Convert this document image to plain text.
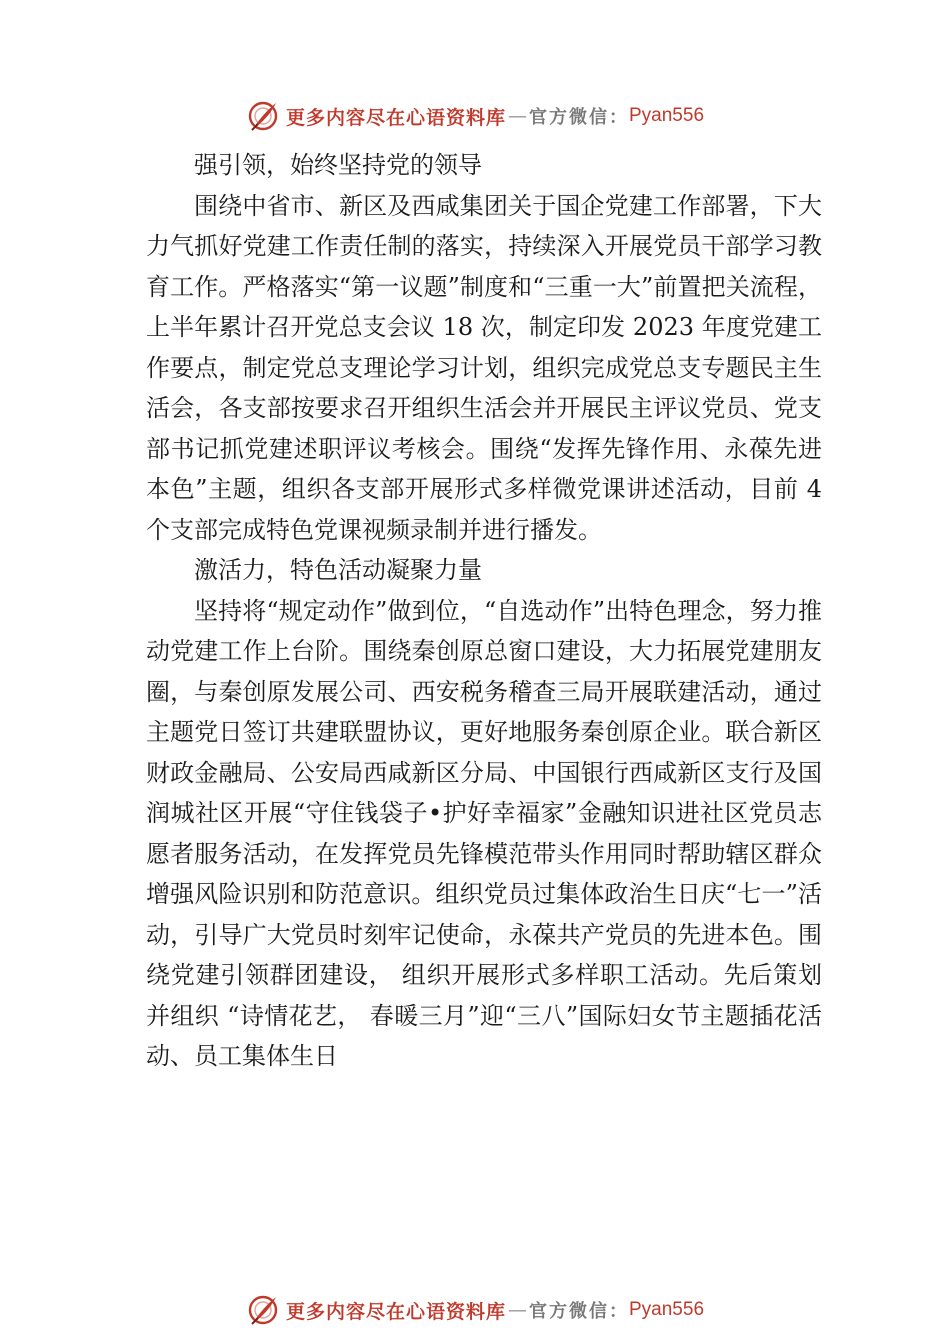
更多内容尽在心语资料库 — 官方微信： Pyan556

强引领，始终坚持党的领导

围绕中省市、新区及西咸集团关于国企党建工作部署，下大力气抓好党建工作责任制的落实，持续深入开展党员干部学习教育工作。严格落实“第一议题”制度和“三重一大”前置把关流程，上半年累计召开党总支会议 18 次，制定印发 2023 年度党建工作要点，制定党总支理论学习计划，组织完成党总支专题民主生活会，各支部按要求召开组织生活会并开展民主评议党员、党支部书记抓党建述职评议考核会。围绕“发挥先锋作用、永葆先进本色”主题，组织各支部开展形式多样微党课讲述活动，目前 4 个支部完成特色党课视频录制并进行播发。

激活力，特色活动凝聚力量

坚持将“规定动作”做到位，“自选动作”出特色理念，努力推动党建工作上台阶。围绕秦创原总窗口建设，大力拓展党建朋友圈，与秦创原发展公司、西安税务稽查三局开展联建活动，通过主题党日签订共建联盟协议，更好地服务秦创原企业。联合新区财政金融局、公安局西咸新区分局、中国银行西咸新区支行及国润城社区开展“守住钱袋子•护好幸福家”金融知识进社区党员志愿者服务活动，在发挥党员先锋模范带头作用同时帮助辖区群众增强风险识别和防范意识。组织党员过集体政治生日庆“七一”活动，引导广大党员时刻牢记使命，永葆共产党员的先进本色。围绕党建引领群团建设， 组织开展形式多样职工活动。先后策划并组织 “诗情花艺， 春暖三月”迎“三八”国际妇女节主题插花活动、员工集体生日

更多内容尽在心语资料库 — 官方微信： Pyan556
